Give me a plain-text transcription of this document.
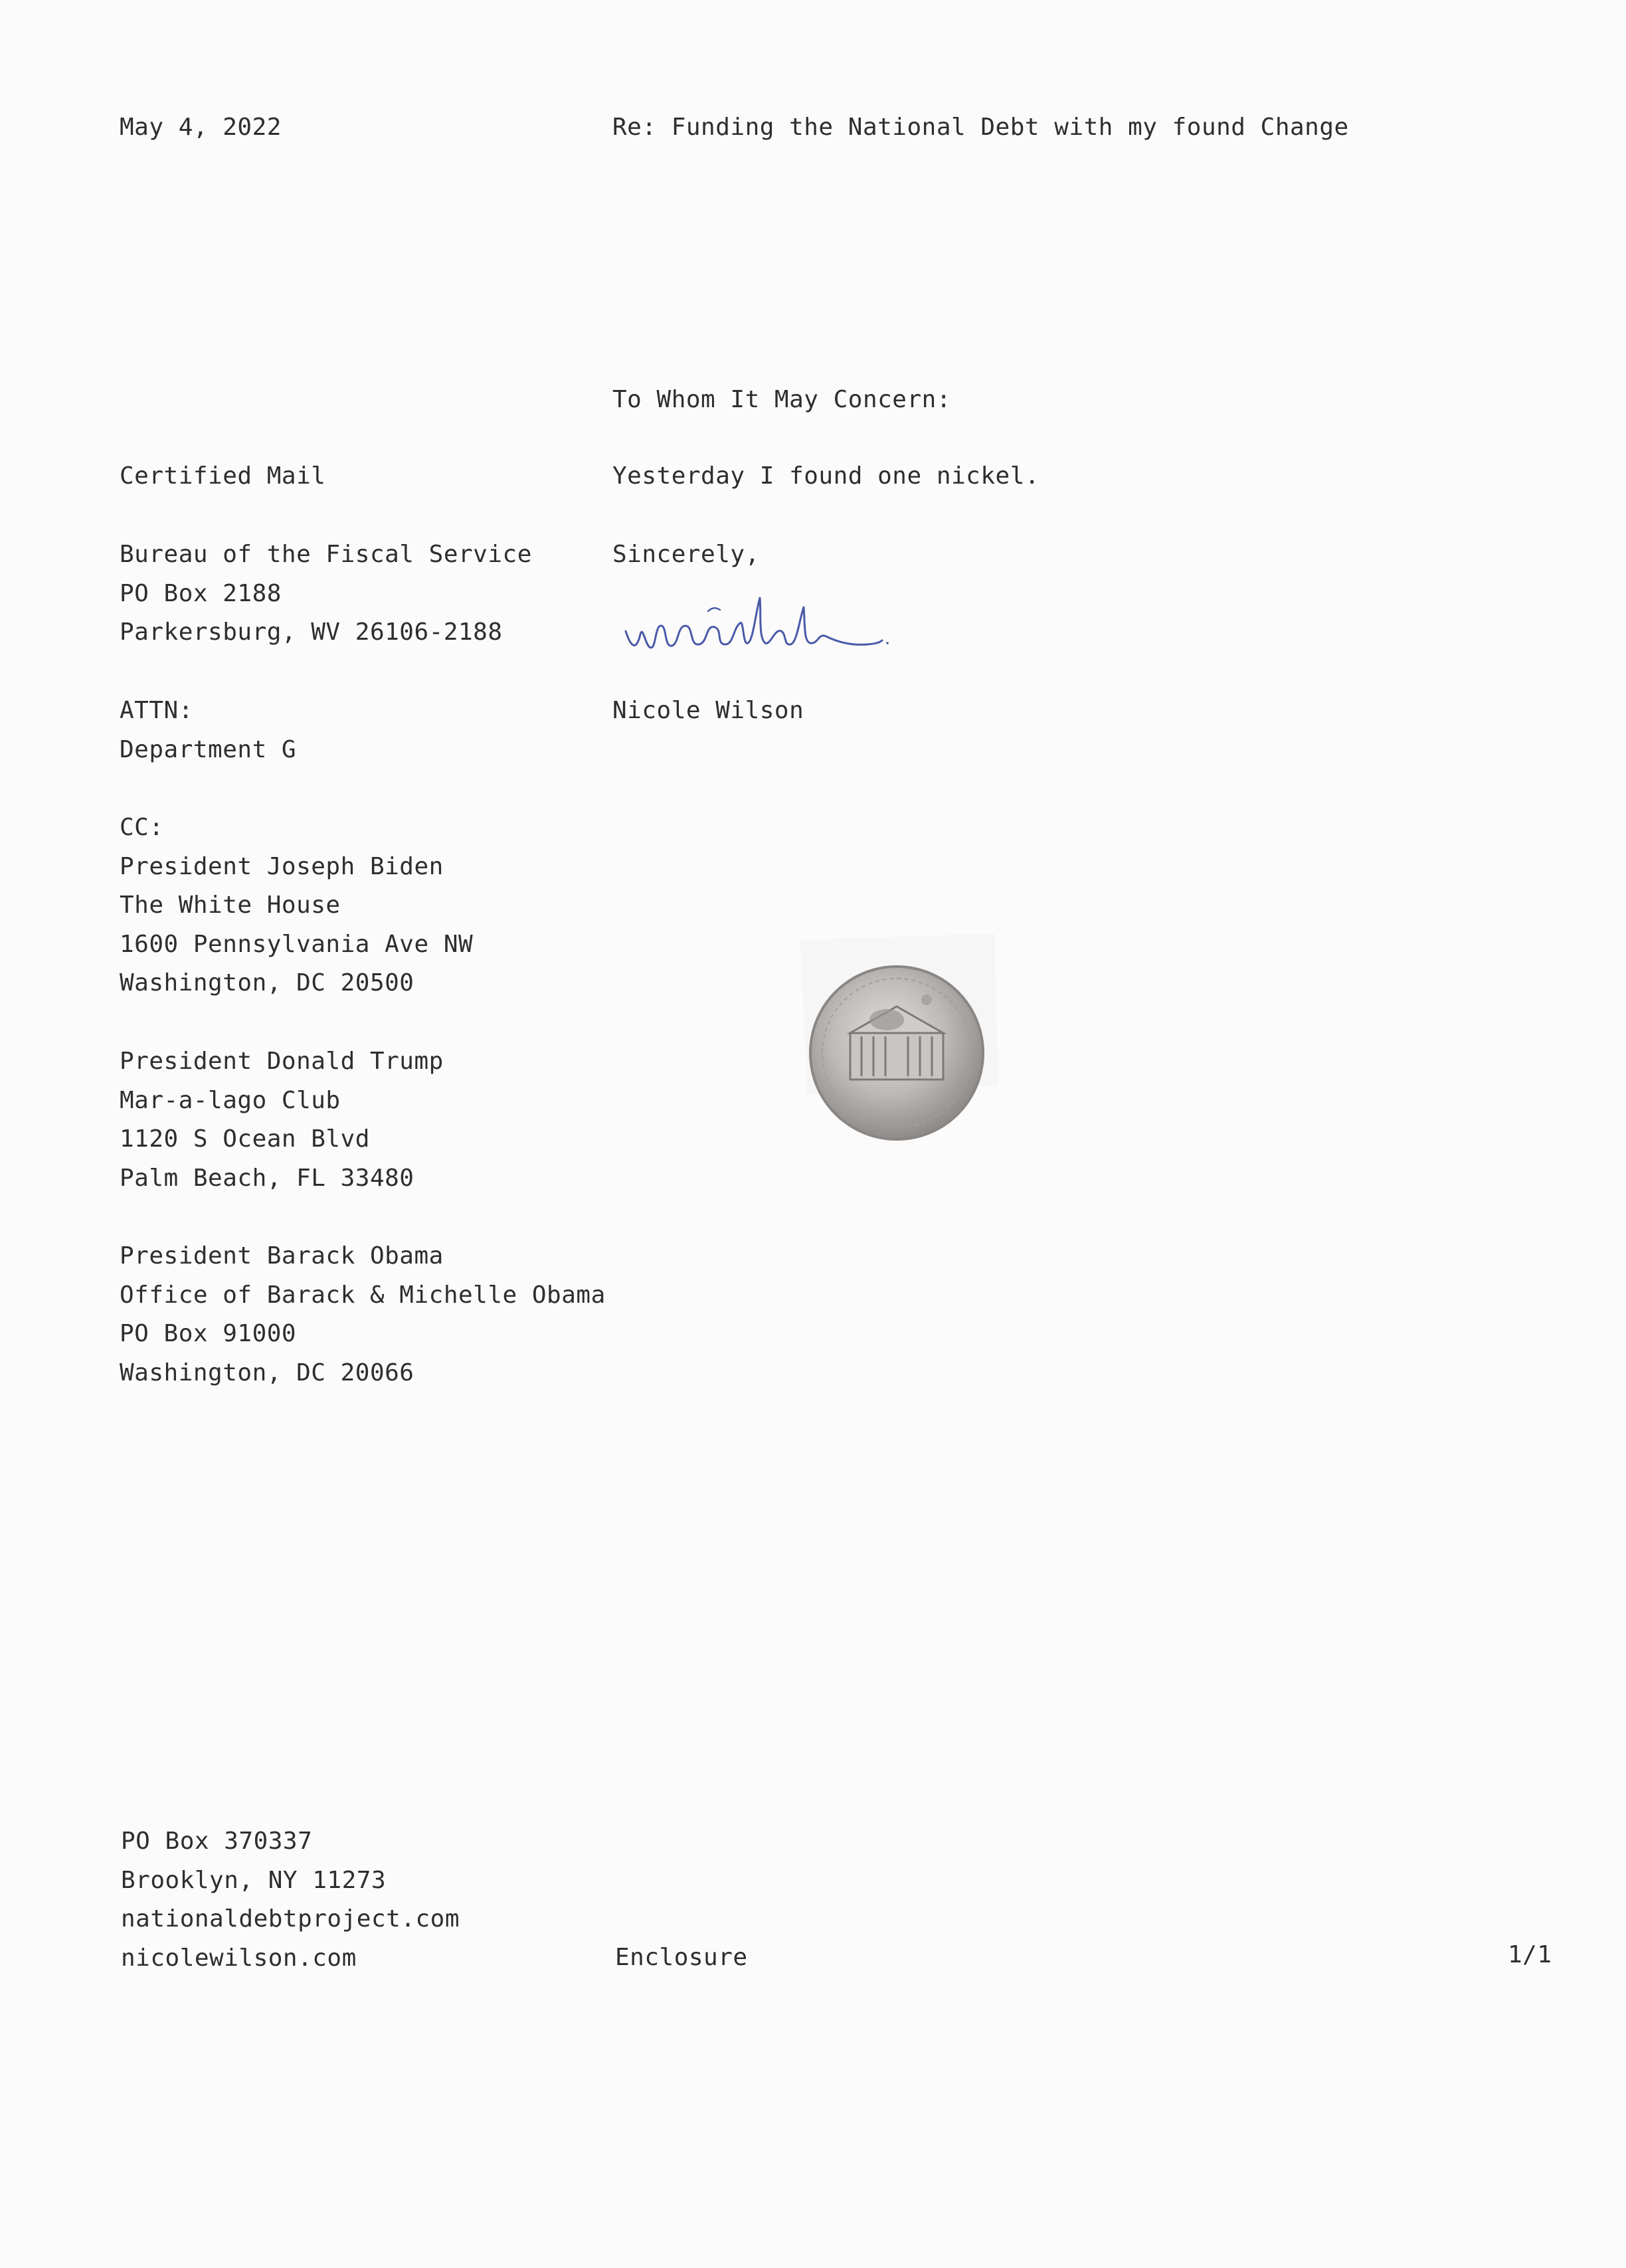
May 4, 2022	Re: Funding the National Debt with my found Change
To Whom It May Concern:
Yesterday I found one nickel.
Sincerely,
Nicole Wilson
Certified Mail
Bureau of the Fiscal Service
PO Box 2188
Parkersburg, WV 26106-2188
ATTN:
Department G
CC:
President Joseph Biden
The White House
1600 Pennsylvania Ave NW
Washington, DC 20500
President Donald Trump
Mar-a-lago Club
1120 S Ocean Blvd
Palm Beach, FL 33480
President Barack Obama
Office of Barack & Michelle Obama
PO Box 91000
Washington, DC 20066
PO Box 370337
Brooklyn, NY 11273
nationaldebtproject.com
nicolewilson.com	Enclosure	1/1
